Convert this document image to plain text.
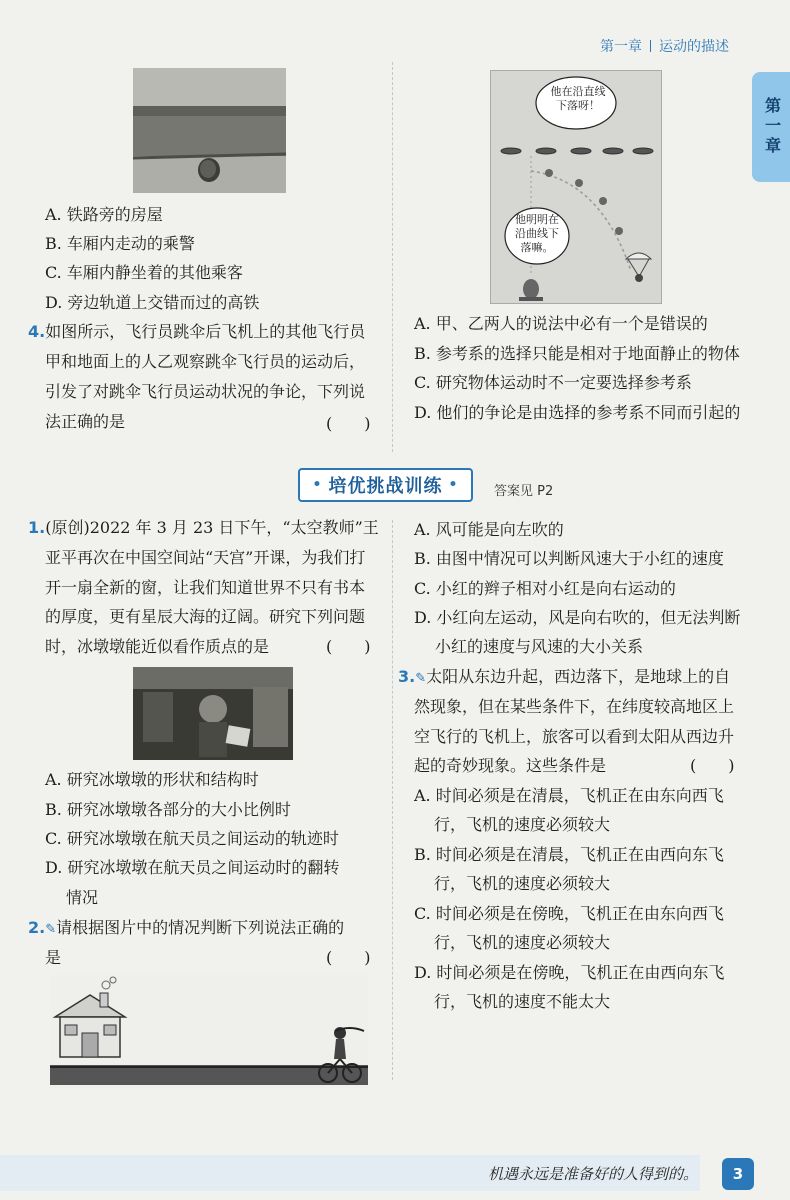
第一章 运动的描述
第一章
A. 铁路旁的房屋
B. 车厢内走动的乘警
C. 车厢内静坐着的其他乘客
D. 旁边轨道上交错而过的高铁
4.如图所示，飞行员跳伞后飞机上的其他飞行员
甲和地面上的人乙观察跳伞飞行员的运动后，
引发了对跳伞飞行员运动状况的争论，下列说
法正确的是	(　　)
他在沿直线下落呀！
他明明在沿曲线下落嘛。
A. 甲、乙两人的说法中必有一个是错误的
B. 参考系的选择只能是相对于地面静止的物体
C. 研究物体运动时不一定要选择参考系
D. 他们的争论是由选择的参考系不同而引起的
• 培优挑战训练 •	答案见 P2
1.(原创)2022 年 3 月 23 日下午，“太空教师”王
亚平再次在中国空间站“天宫”开课，为我们打
开一扇全新的窗，让我们知道世界不只有书本
的厚度，更有星辰大海的辽阔。研究下列问题
时，冰墩墩能近似看作质点的是	(　　)
A. 研究冰墩墩的形状和结构时
B. 研究冰墩墩各部分的大小比例时
C. 研究冰墩墩在航天员之间运动的轨迹时
D. 研究冰墩墩在航天员之间运动时的翻转
情况
2.✎请根据图片中的情况判断下列说法正确的
是	(　　)
A. 风可能是向左吹的
B. 由图中情况可以判断风速大于小红的速度
C. 小红的辫子相对小红是向右运动的
D. 小红向左运动，风是向右吹的，但无法判断
小红的速度与风速的大小关系
3.✎太阳从东边升起，西边落下，是地球上的自
然现象，但在某些条件下，在纬度较高地区上
空飞行的飞机上，旅客可以看到太阳从西边升
起的奇妙现象。这些条件是	(　　)
A. 时间必须是在清晨，飞机正在由东向西飞
行，飞机的速度必须较大
B. 时间必须是在清晨，飞机正在由西向东飞
行，飞机的速度必须较大
C. 时间必须是在傍晚，飞机正在由东向西飞
行，飞机的速度必须较大
D. 时间必须是在傍晚，飞机正在由西向东飞
行，飞机的速度不能太大
机遇永远是准备好的人得到的。	3
